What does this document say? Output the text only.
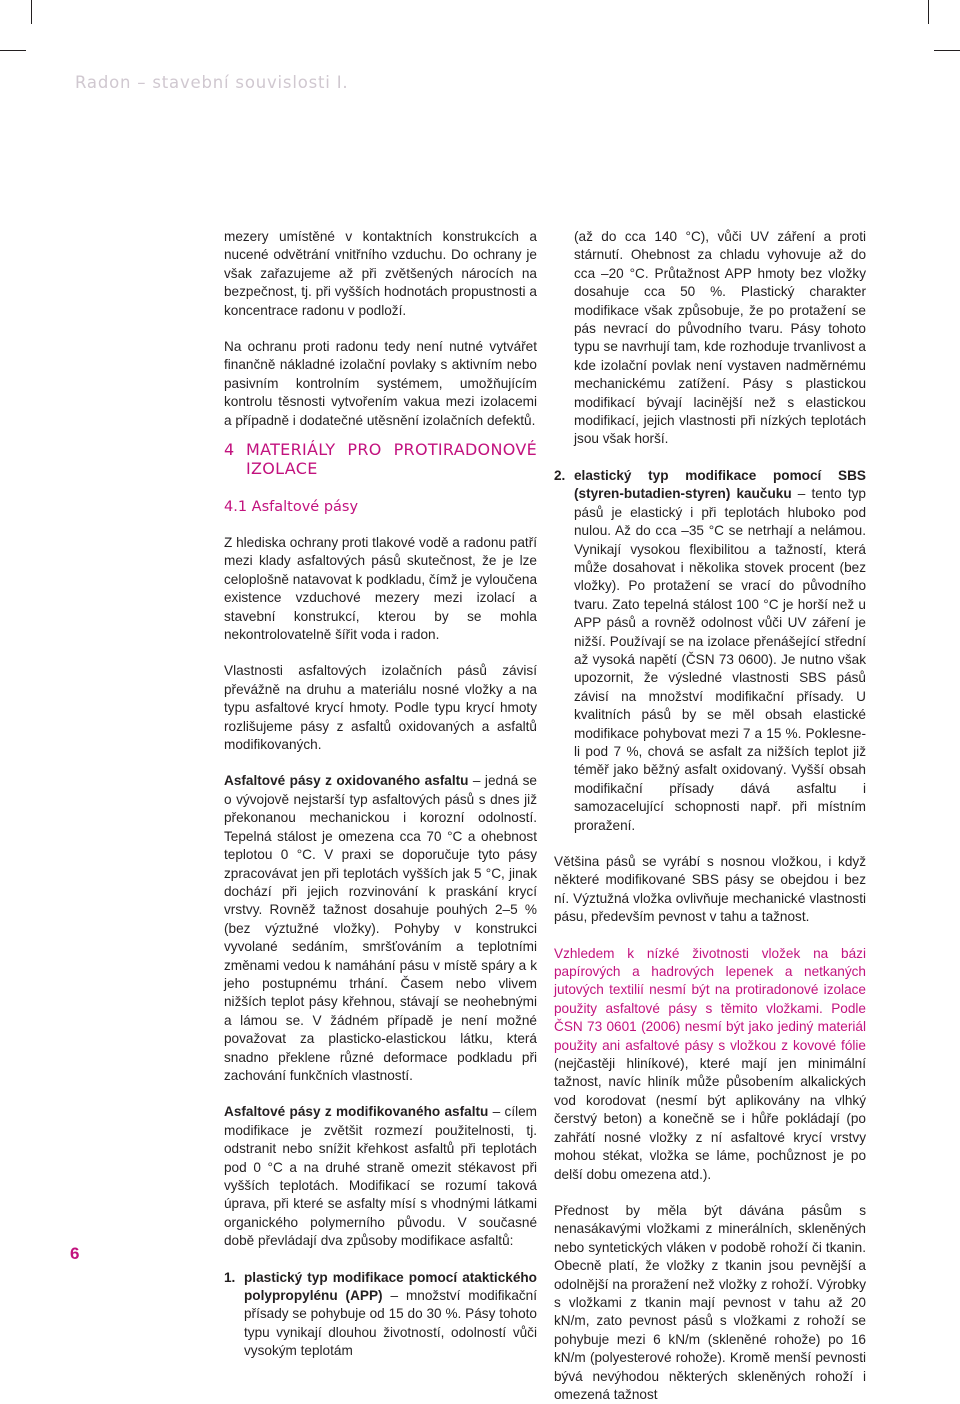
Radon – stavební souvislosti I.

mezery umístěné v kontaktních konstrukcích a nucené odvětrání vnitřního vzduchu. Do ochrany je však zařazujeme až při zvětšených nárocích na bezpečnost, tj. při vyšších hodnotách propustnosti a koncentrace radonu v podloží.

Na ochranu proti radonu tedy není nutné vytvářet finančně nákladné izolační povlaky s aktivním nebo pasivním kontrolním systémem, umožňujícím kontrolu těsnosti vytvořením vakua mezi izolacemi a případně i dodatečné utěsnění izolačních defektů.

4 MATERIÁLY PRO PROTIRADONOVÉ IZOLACE
4.1 Asfaltové pásy

Z hlediska ochrany proti tlakové vodě a radonu patří mezi klady asfaltových pásů skutečnost, že je lze celoplošně natavovat k podkladu, čímž je vyloučena existence vzduchové mezery mezi izolací a stavební konstrukcí, kterou by se mohla nekontrolovatelně šířit voda i radon.

Vlastnosti asfaltových izolačních pásů závisí převážně na druhu a materiálu nosné vložky a na typu asfaltové krycí hmoty. Podle typu krycí hmoty rozlišujeme pásy z asfaltů oxidovaných a asfaltů modifikovaných.

Asfaltové pásy z oxidovaného asfaltu – jedná se o vývojově nejstarší typ asfaltových pásů s dnes již překonanou mechanickou i korozní odolností. Tepelná stálost je omezena cca 70 °C a ohebnost teplotou 0 °C. V praxi se doporučuje tyto pásy zpracovávat jen při teplotách vyšších jak 5 °C, jinak dochází při jejich rozvinování k praskání krycí vrstvy. Rovněž tažnost dosahuje pouhých 2–5 % (bez výztužné vložky). Pohyby v konstrukci vyvolané sedáním, smršťováním a teplotními změnami vedou k namáhání pásu v místě spáry a k jeho postupnému trhání. Časem nebo vlivem nižších teplot pásy křehnou, stávají se neohebnými a lámou se. V žádném případě je není možné považovat za plasticko-elastickou látku, která snadno překlene různé deformace podkladu při zachování funkčních vlastností.

Asfaltové pásy z modifikovaného asfaltu – cílem modifikace je zvětšit rozmezí použitelnosti, tj. odstranit nebo snížit křehkost asfaltů při teplotách pod 0 °C a na druhé straně omezit stékavost při vyšších teplotách. Modifikací se rozumí taková úprava, při které se asfalty mísí s vhodnými látkami organického polymerního původu. V současné době převládají dva způsoby modifikace asfaltů:

1. plastický typ modifikace pomocí ataktického polypropylénu (APP) – množství modifikační přísady se pohybuje od 15 do 30 %. Pásy tohoto typu vynikají dlouhou životností, odolností vůči vysokým teplotám

(až do cca 140 °C), vůči UV záření a proti stárnutí. Ohebnost za chladu vyhovuje až do cca –20 °C. Průtažnost APP hmoty bez vložky dosahuje cca 50 %. Plastický charakter modifikace však způsobuje, že po protažení se pás nevrací do původního tvaru. Pásy tohoto typu se navrhují tam, kde rozhoduje trvanlivost a kde izolační povlak není vystaven nadměrnému mechanickému zatížení. Pásy s plastickou modifikací bývají lacinější než s elastickou modifikací, jejich vlastnosti při nízkých teplotách jsou však horší.

2. elastický typ modifikace pomocí SBS (styren-butadien-styren) kaučuku – tento typ pásů je elastický i při teplotách hluboko pod nulou. Až do cca –35 °C se netrhají a nelámou. Vynikají vysokou flexibilitou a tažností, která může dosahovat i několika stovek procent (bez vložky). Po protažení se vrací do původního tvaru. Zato tepelná stálost 100 °C je horší než u APP pásů a rovněž odolnost vůči UV záření je nižší. Používají se na izolace přenášející střední až vysoká napětí (ČSN 73 0600). Je nutno však upozornit, že výsledné vlastnosti SBS pásů závisí na množství modifikační přísady. U kvalitních pásů by se měl obsah elastické modifikace pohybovat mezi 7 a 15 %. Poklesne-li pod 7 %, chová se asfalt za nižších teplot již téměř jako běžný asfalt oxidovaný. Vyšší obsah modifikační přísady dává asfaltu i samozacelující schopnosti např. při místním proražení.

Většina pásů se vyrábí s nosnou vložkou, i když některé modifikované SBS pásy se obejdou i bez ní. Výztužná vložka ovlivňuje mechanické vlastnosti pásu, především pevnost v tahu a tažnost.

Vzhledem k nízké životnosti vložek na bázi papírových a hadrových lepenek a netkaných jutových textilií nesmí být na protiradonové izolace použity asfaltové pásy s těmito vložkami. Podle ČSN 73 0601 (2006) nesmí být jako jediný materiál použity ani asfaltové pásy s vložkou z kovové fólie (nejčastěji hliníkové), které mají jen minimální tažnost, navíc hliník může působením alkalických vod korodovat (nesmí být aplikovány na vlhký čerstvý beton) a konečně se i hůře pokládají (po zahřátí nosné vložky z ní asfaltové krycí vrstvy mohou stékat, vložka se láme, pochůznost je po delší dobu omezena atd.).

Přednost by měla být dávána pásům s nenasákavými vložkami z minerálních, skleněných nebo syntetických vláken v podobě rohoží či tkanin. Obecně platí, že vložky z tkanin jsou pevnější a odolnější na proražení než vložky z rohoží. Výrobky s vložkami z tkanin mají pevnost v tahu až 20 kN/m, zato pevnost pásů s vložkami z rohoží se pohybuje mezi 6 kN/m (skleněné rohože) po 16 kN/m (polyesterové rohože). Kromě menší pevnosti bývá nevýhodou některých skleněných rohoží i omezená tažnost

6
